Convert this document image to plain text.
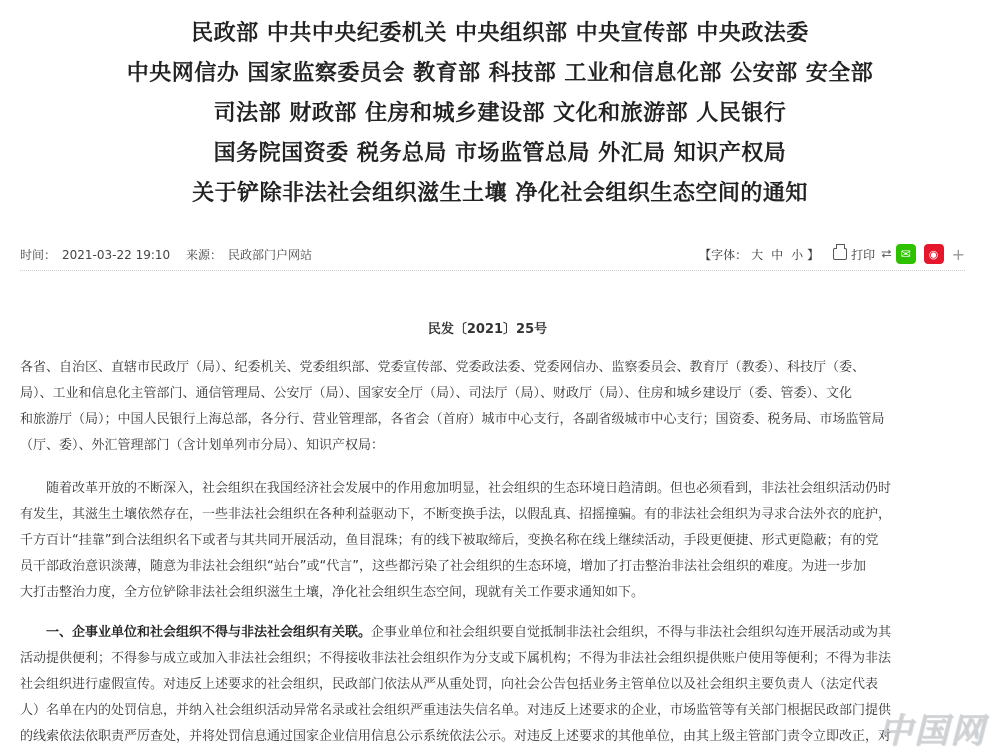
民政部 中共中央纪委机关 中央组织部 中央宣传部 中央政法委
中央网信办 国家监察委员会 教育部 科技部 工业和信息化部 公安部 安全部
司法部 财政部 住房和城乡建设部 文化和旅游部 人民银行
国务院国资委 税务总局 市场监管总局 外汇局 知识产权局
关于铲除非法社会组织滋生土壤 净化社会组织生态空间的通知
时间： 2021-03-22 19:10 来源： 民政部门户网站	【字体： 大 中 小 】	打印 ⮂ ✉	◉ +
民发〔2021〕25号
各省、自治区、直辖市民政厅（局）、纪委机关、党委组织部、党委宣传部、党委政法委、党委网信办、监察委员会、教育厅（教委）、科技厅（委、
局）、工业和信息化主管部门、通信管理局、公安厅（局）、国家安全厅（局）、司法厅（局）、财政厅（局）、住房和城乡建设厅（委、管委）、文化
和旅游厅（局）；中国人民银行上海总部，各分行、营业管理部，各省会（首府）城市中心支行，各副省级城市中心支行；国资委、税务局、市场监管局
（厅、委）、外汇管理部门（含计划单列市分局）、知识产权局：
随着改革开放的不断深入，社会组织在我国经济社会发展中的作用愈加明显，社会组织的生态环境日趋清朗。但也必须看到，非法社会组织活动仍时
有发生，其滋生土壤依然存在，一些非法社会组织在各种利益驱动下，不断变换手法，以假乱真、招摇撞骗。有的非法社会组织为寻求合法外衣的庇护，
千方百计“挂靠”到合法组织名下或者与其共同开展活动，鱼目混珠；有的线下被取缔后，变换名称在线上继续活动，手段更便捷、形式更隐蔽；有的党
员干部政治意识淡薄，随意为非法社会组织“站台”或“代言”，这些都污染了社会组织的生态环境，增加了打击整治非法社会组织的难度。为进一步加
大打击整治力度，全方位铲除非法社会组织滋生土壤，净化社会组织生态空间，现就有关工作要求通知如下。
一、企事业单位和社会组织不得与非法社会组织有关联。企事业单位和社会组织要自觉抵制非法社会组织，不得与非法社会组织勾连开展活动或为其
活动提供便利；不得参与成立或加入非法社会组织；不得接收非法社会组织作为分支或下属机构；不得为非法社会组织提供账户使用等便利；不得为非法
社会组织进行虚假宣传。对违反上述要求的社会组织，民政部门依法从严从重处罚，向社会公告包括业务主管单位以及社会组织主要负责人（法定代表
人）名单在内的处罚信息，并纳入社会组织活动异常名录或社会组织严重违法失信名单。对违反上述要求的企业，市场监管等有关部门根据民政部门提供
的线索依法依职责严厉查处，并将处罚信息通过国家企业信用信息公示系统依法公示。对违反上述要求的其他单位，由其上级主管部门责令立即改正，对
中国网
